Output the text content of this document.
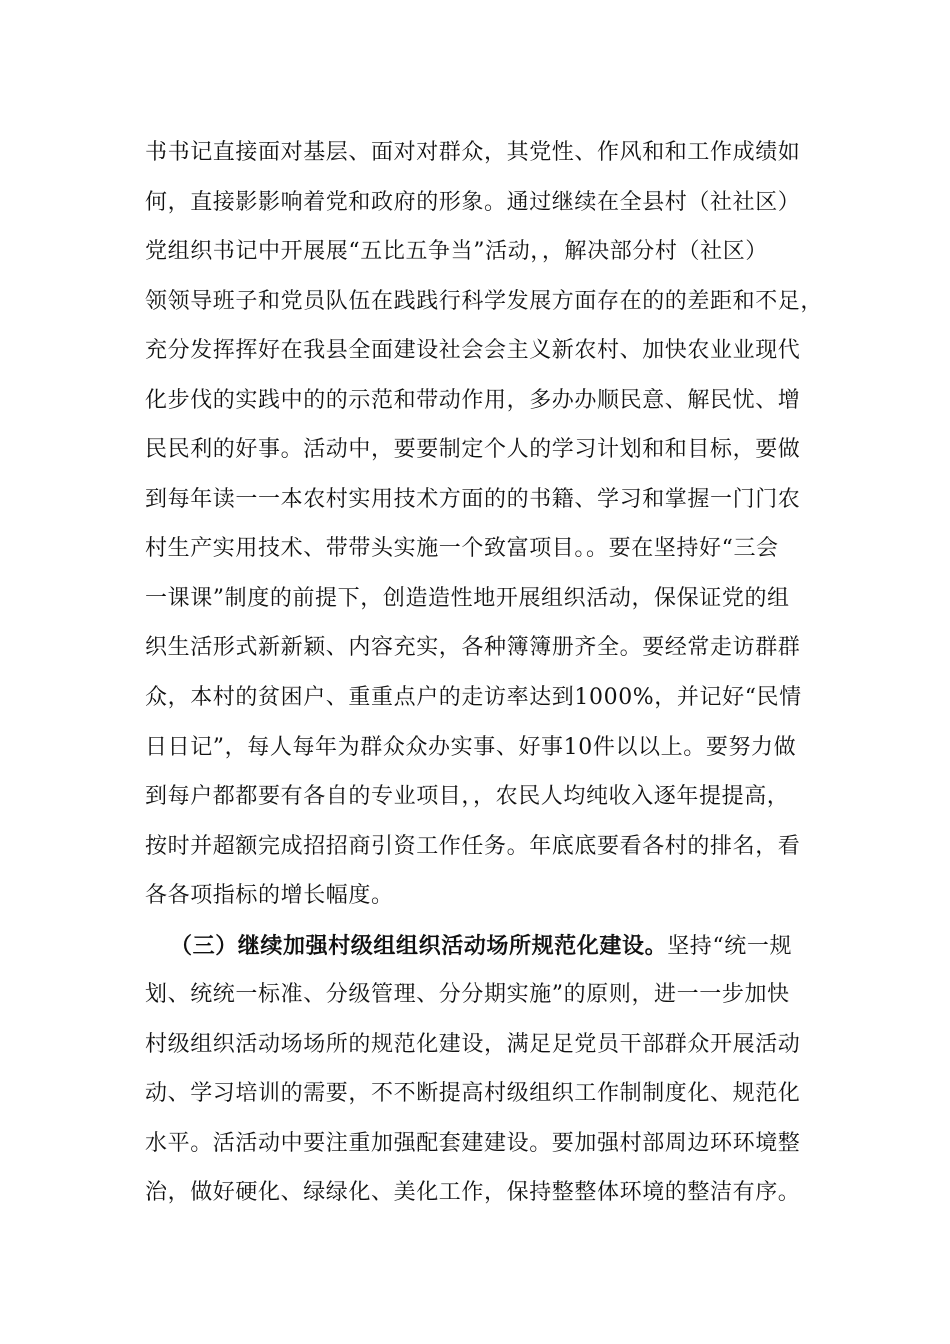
书书记直接面对基层、面对对群众，其党性、作风和和工作成绩如
何，直接影影响着党和政府的形象。通过继续在全县村（社社区）
党组织书记中开展展“五比五争当”活动，，解决部分村（社区）
领领导班子和党员队伍在践践行科学发展方面存在的的差距和不足，
充分发挥挥好在我县全面建设社会会主义新农村、加快农业业现代
化步伐的实践中的的示范和带动作用，多办办顺民意、解民忧、增
民民利的好事。活动中，要要制定个人的学习计划和和目标，要做
到每年读一一本农村实用技术方面的的书籍、学习和掌握一门门农
村生产实用技术、带带头实施一个致富项目。。要在坚持好“三会
一课课”制度的前提下，创造造性地开展组织活动，保保证党的组
织生活形式新新颖、内容充实，各种簿簿册齐全。要经常走访群群
众，本村的贫困户、重重点户的走访率达到1000%，并记好“民情
日日记”，每人每年为群众众办实事、好事10件以以上。要努力做
到每户都都要有各自的专业项目，，农民人均纯收入逐年提提高，
按时并超额完成招招商引资工作任务。年底底要看各村的排名，看
各各项指标的增长幅度。
（三）继续加强村级组组织活动场所规范化建设。坚持“统一规
划、统统一标准、分级管理、分分期实施”的原则，进一一步加快
村级组织活动场场所的规范化建设，满足足党员干部群众开展活动
动、学习培训的需要，不不断提高村级组织工作制制度化、规范化
水平。活活动中要注重加强配套建建设。要加强村部周边环环境整
治，做好硬化、绿绿化、美化工作，保持整整体环境的整洁有序。
